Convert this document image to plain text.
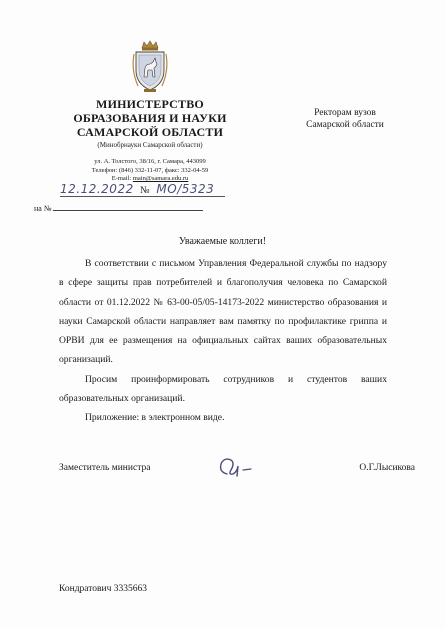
МИНИСТЕРСТВО
ОБРАЗОВАНИЯ И НАУКИ
САМАРСКОЙ ОБЛАСТИ
(Минобрнауки Самарской области)
ул. А. Толстого, 38/16, г. Самара, 443099
Телефон: (846) 332-11-07, факс: 332-04-59
E-mail: main@samara.edu.ru
Ректорам вузов
Самарской области
12.12.2022 № МО/5323
на №
Уважаемые коллеги!

В соответствии с письмом Управления Федеральной службы по надзору в сфере защиты прав потребителей и благополучия человека по Самарской области от 01.12.2022 № 63-00-05/05-14173-2022 министерство образования и науки Самарской области направляет вам памятку по профилактике гриппа и ОРВИ для ее размещения на официальных сайтах ваших образовательных организаций.

Просим проинформировать сотрудников и студентов ваших образовательных организаций.

Приложение: в электронном виде.

Заместитель министра	О.Г.Лысикова
Кондратович 3335663
